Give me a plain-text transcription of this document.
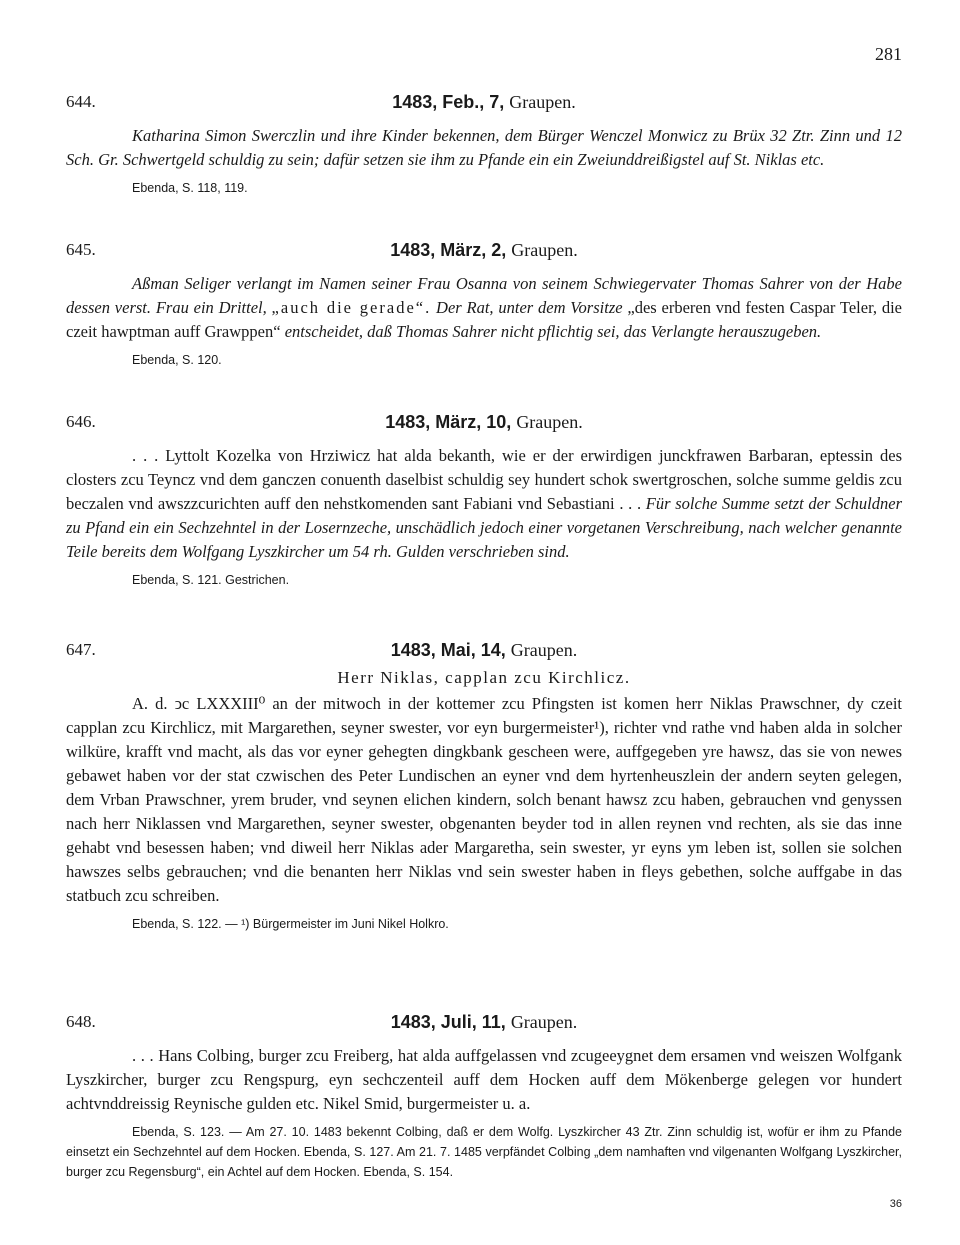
281
644.	1483, Feb., 7, Graupen.

Katharina Simon Swerczlin und ihre Kinder bekennen, dem Bürger Wenczel Monwicz zu Brüx 32 Ztr. Zinn und 12 Sch. Gr. Schwertgeld schuldig zu sein; dafür setzen sie ihm zu Pfande ein ein Zweiunddreißigstel auf St. Niklas etc.

Ebenda, S. 118, 119.
645.	1483, März, 2, Graupen.

Aßman Seliger verlangt im Namen seiner Frau Osanna von seinem Schwiegervater Thomas Sahrer von der Habe dessen verst. Frau ein Drittel, „auch die gerade“. Der Rat, unter dem Vorsitze „des erberen vnd festen Caspar Teler, die czeit hawptman auff Grawppen“ entscheidet, daß Thomas Sahrer nicht pflichtig sei, das Verlangte herauszugeben.

Ebenda, S. 120.
646.	1483, März, 10, Graupen.

. . . Lyttolt Kozelka von Hrziwicz hat alda bekanth, wie er der erwirdigen junckfrawen Barbaran, eptessin des closters zcu Teyncz vnd dem ganczen conuenth daselbist schuldig sey hundert schok swertgroschen, solche summe geldis zcu beczalen vnd awszzcurichten auff den nehstkomenden sant Fabiani vnd Sebastiani . . . Für solche Summe setzt der Schuldner zu Pfand ein ein Sechzehntel in der Losernzeche, unschädlich jedoch einer vorgetanen Verschreibung, nach welcher genannte Teile bereits dem Wolfgang Lyszkircher um 54 rh. Gulden verschrieben sind.

Ebenda, S. 121. Gestrichen.
647.	1483, Mai, 14, Graupen.
Herr Niklas, capplan zcu Kirchlicz.

A. d. ↄc LXXXIII⁰ an der mitwoch in der kottemer zcu Pfingsten ist komen herr Niklas Prawschner, dy czeit capplan zcu Kirchlicz, mit Margarethen, seyner swester, vor eyn burgermeister¹), richter vnd rathe vnd haben alda in solcher wilküre, krafft vnd macht, als das vor eyner gehegten dingkbank gescheen were, auffgegeben yre hawsz, das sie von newes gebawet haben vor der stat czwischen des Peter Lundischen an eyner vnd dem hyrtenheuszlein der andern seyten gelegen, dem Vrban Prawschner, yrem bruder, vnd seynen elichen kindern, solch benant hawsz zcu haben, gebrauchen vnd genyssen nach herr Niklassen vnd Margarethen, seyner swester, obgenanten beyder tod in allen reynen vnd rechten, als sie das inne gehabt vnd besessen haben; vnd diweil herr Niklas ader Margaretha, sein swester, yr eyns ym leben ist, sollen sie solchen hawszes selbs gebrauchen; vnd die benanten herr Niklas vnd sein swester haben in fleys gebethen, solche auffgabe in das statbuch zcu schreiben.

Ebenda, S. 122. — ¹) Bürgermeister im Juni Nikel Holkro.
648.	1483, Juli, 11, Graupen.

. . . Hans Colbing, burger zcu Freiberg, hat alda auffgelassen vnd zcugeeygnet dem ersamen vnd weiszen Wolfgank Lyszkircher, burger zcu Rengspurg, eyn sechczenteil auff dem Hocken auff dem Mökenberge gelegen vor hundert achtvnddreissig Reynische gulden etc. Nikel Smid, burgermeister u. a.

Ebenda, S. 123. — Am 27. 10. 1483 bekennt Colbing, daß er dem Wolfg. Lyszkircher 43 Ztr. Zinn schuldig ist, wofür er ihm zu Pfande einsetzt ein Sechzehntel auf dem Hocken. Ebenda, S. 127. Am 21. 7. 1485 verpfändet Colbing „dem namhaften vnd vilgenanten Wolfgang Lyszkircher, burger zcu Regensburg“, ein Achtel auf dem Hocken. Ebenda, S. 154.
36
